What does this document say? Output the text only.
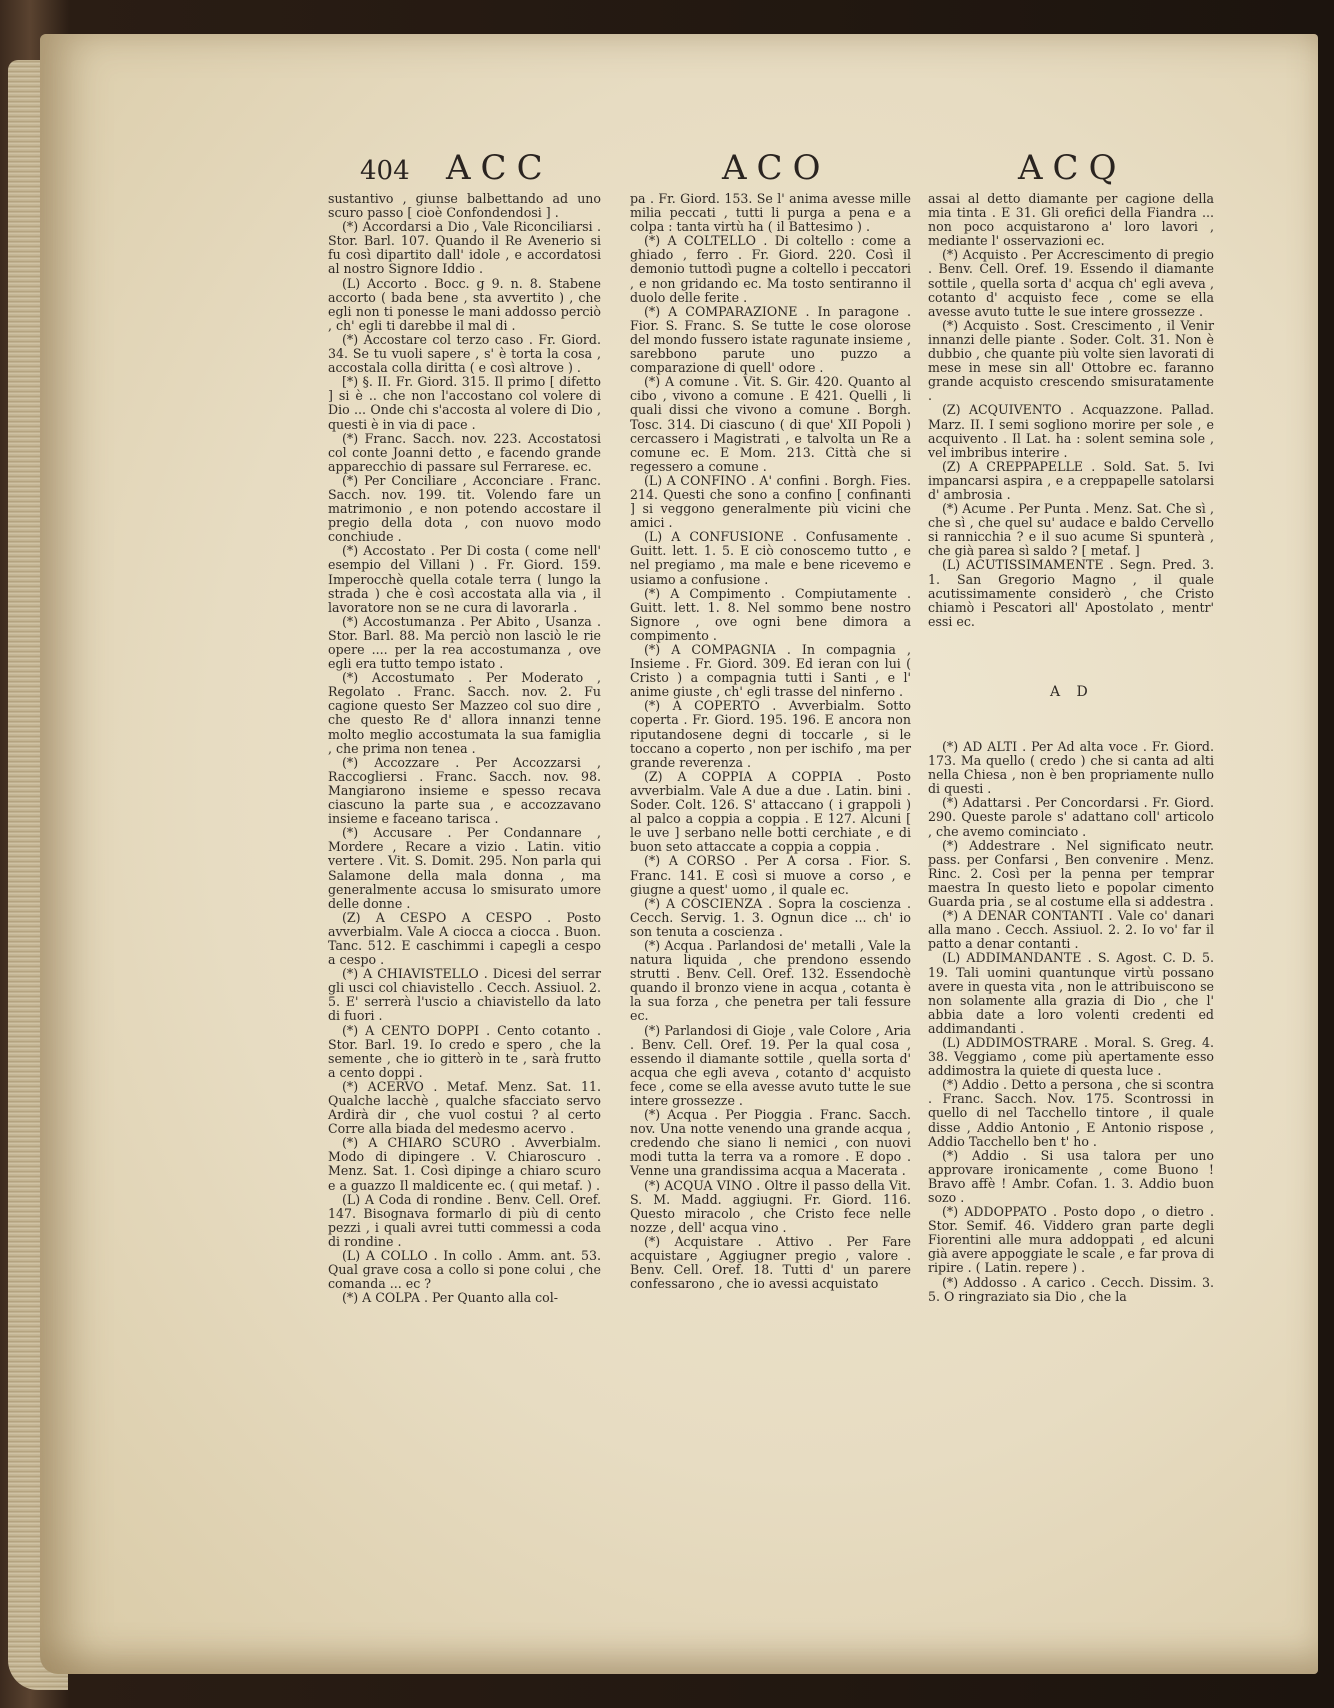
404 ACC	ACO	ACQ

sustantivo , giunse balbettando ad uno scuro passo [ cioè Confondendosi ] .

(*) Accordarsi a Dio , Vale Riconciliarsi . Stor. Barl. 107. Quando il Re Avenerio si fu così dipartito dall' idole , e accordatosi al nostro Signore Iddio .

(L) Accorto . Bocc. g 9. n. 8. Stabene accorto ( bada bene , sta avvertito ) , che egli non ti ponesse le mani addosso perciò , ch' egli ti darebbe il mal di .

(*) Accostare col terzo caso . Fr. Giord. 34. Se tu vuoli sapere , s' è torta la cosa , accostala colla diritta ( e così altrove ) .

[*) §. II. Fr. Giord. 315. Il primo [ difetto ] si è .. che non l'accostano col volere di Dio ... Onde chi s'accosta al volere di Dio , questi è in via di pace .

(*) Franc. Sacch. nov. 223. Accostatosi col conte Joanni detto , e facendo grande apparecchio di passare sul Ferrarese. ec.

(*) Per Conciliare , Acconciare . Franc. Sacch. nov. 199. tit. Volendo fare un matrimonio , e non potendo accostare il pregio della dota , con nuovo modo conchiude .

(*) Accostato . Per Di costa ( come nell' esempio del Villani ) . Fr. Giord. 159. Imperocchè quella cotale terra ( lungo la strada ) che è così accostata alla via , il lavoratore non se ne cura di lavorarla .

(*) Accostumanza . Per Abito , Usanza . Stor. Barl. 88. Ma perciò non lasciò le rie opere .... per la rea accostumanza , ove egli era tutto tempo istato .

(*) Accostumato . Per Moderato , Regolato . Franc. Sacch. nov. 2. Fu cagione questo Ser Mazzeo col suo dire , che questo Re d' allora innanzi tenne molto meglio accostumata la sua famiglia , che prima non tenea .

(*) Accozzare . Per Accozzarsi , Raccogliersi . Franc. Sacch. nov. 98. Mangiarono insieme e spesso recava ciascuno la parte sua , e accozzavano insieme e faceano tarisca .

(*) Accusare . Per Condannare , Mordere , Recare a vizio . Latin. vitio vertere . Vit. S. Domit. 295. Non parla qui Salamone della mala donna , ma generalmente accusa lo smisurato umore delle donne .

(Z) A CESPO A CESPO . Posto avverbialm. Vale A ciocca a ciocca . Buon. Tanc. 512. E caschimmi i capegli a cespo a cespo .

(*) A CHIAVISTELLO . Dicesi del serrar gli usci col chiavistello . Cecch. Assiuol. 2. 5. E' serrerà l'uscio a chiavistello da lato di fuori .

(*) A CENTO DOPPI . Cento cotanto . Stor. Barl. 19. Io credo e spero , che la semente , che io gitterò in te , sarà frutto a cento doppi .

(*) ACERVO . Metaf. Menz. Sat. 11. Qualche lacchè , qualche sfacciato servo Ardirà dir , che vuol costui ? al certo Corre alla biada del medesmo acervo .

(*) A CHIARO SCURO . Avverbialm. Modo di dipingere . V. Chiaroscuro . Menz. Sat. 1. Così dipinge a chiaro scuro e a guazzo Il maldicente ec. ( qui metaf. ) .

(L) A Coda di rondine . Benv. Cell. Oref. 147. Bisognava formarlo di più di cento pezzi , i quali avrei tutti commessi a coda di rondine .

(L) A COLLO . In collo . Amm. ant. 53. Qual grave cosa a collo si pone colui , che comanda ... ec ?

(*) A COLPA . Per Quanto alla col-

pa . Fr. Giord. 153. Se l' anima avesse mille milia peccati , tutti li purga a pena e a colpa : tanta virtù ha ( il Battesimo ) .

(*) A COLTELLO . Di coltello : come a ghiado , ferro . Fr. Giord. 220. Così il demonio tuttodì pugne a coltello i peccatori , e non gridando ec. Ma tosto sentiranno il duolo delle ferite .

(*) A COMPARAZIONE . In paragone . Fior. S. Franc. S. Se tutte le cose olorose del mondo fussero istate ragunate insieme , sarebbono parute uno puzzo a comparazione di quell' odore .

(*) A comune . Vit. S. Gir. 420. Quanto al cibo , vivono a comune . E 421. Quelli , li quali dissi che vivono a comune . Borgh. Tosc. 314. Di ciascuno ( di que' XII Popoli ) cercassero i Magistrati , e talvolta un Re a comune ec. E Mom. 213. Città che si regessero a comune .

(L) A CONFINO . A' confini . Borgh. Fies. 214. Questi che sono a confino [ confinanti ] si veggono generalmente più vicini che amici .

(L) A CONFUSIONE . Confusamente . Guitt. lett. 1. 5. E ciò conoscemo tutto , e nel pregiamo , ma male e bene ricevemo e usiamo a confusione .

(*) A Compimento . Compiutamente . Guitt. lett. 1. 8. Nel sommo bene nostro Signore , ove ogni bene dimora a compimento .

(*) A COMPAGNIA . In compagnia , Insieme . Fr. Giord. 309. Ed ieran con lui ( Cristo ) a compagnia tutti i Santi , e l' anime giuste , ch' egli trasse del ninferno .

(*) A COPERTO . Avverbialm. Sotto coperta . Fr. Giord. 195. 196. E ancora non riputandosene degni di toccarle , si le toccano a coperto , non per ischifo , ma per grande reverenza .

(Z) A COPPIA A COPPIA . Posto avverbialm. Vale A due a due . Latin. bini . Soder. Colt. 126. S' attaccano ( i grappoli ) al palco a coppia a coppia . E 127. Alcuni [ le uve ] serbano nelle botti cerchiate , e di buon seto attaccate a coppia a coppia .

(*) A CORSO . Per A corsa . Fior. S. Franc. 141. E così si muove a corso , e giugne a quest' uomo , il quale ec.

(*) A COSCIENZA . Sopra la coscienza . Cecch. Servig. 1. 3. Ognun dice ... ch' io son tenuta a coscienza .

(*) Acqua . Parlandosi de' metalli , Vale la natura liquida , che prendono essendo strutti . Benv. Cell. Oref. 132. Essendochè quando il bronzo viene in acqua , cotanta è la sua forza , che penetra per tali fessure ec.

(*) Parlandosi di Gioje , vale Colore , Aria . Benv. Cell. Oref. 19. Per la qual cosa , essendo il diamante sottile , quella sorta d' acqua che egli aveva , cotanto d' acquisto fece , come se ella avesse avuto tutte le sue intere grossezze .

(*) Acqua . Per Pioggia . Franc. Sacch. nov. Una notte venendo una grande acqua , credendo che siano li nemici , con nuovi modi tutta la terra va a romore . E dopo . Venne una grandissima acqua a Macerata .

(*) ACQUA VINO . Oltre il passo della Vit. S. M. Madd. aggiugni. Fr. Giord. 116. Questo miracolo , che Cristo fece nelle nozze , dell' acqua vino .

(*) Acquistare . Attivo . Per Fare acquistare , Aggiugner pregio , valore . Benv. Cell. Oref. 18. Tutti d' un parere confessarono , che io avessi acquistato

assai al detto diamante per cagione della mia tinta . E 31. Gli orefici della Fiandra ... non poco acquistarono a' loro lavori , mediante l' osservazioni ec.

(*) Acquisto . Per Accrescimento di pregio . Benv. Cell. Oref. 19. Essendo il diamante sottile , quella sorta d' acqua ch' egli aveva , cotanto d' acquisto fece , come se ella avesse avuto tutte le sue intere grossezze .

(*) Acquisto . Sost. Crescimento , il Venir innanzi delle piante . Soder. Colt. 31. Non è dubbio , che quante più volte sien lavorati di mese in mese sin all' Ottobre ec. faranno grande acquisto crescendo smisuratamente .

(Z) ACQUIVENTO . Acquazzone. Pallad. Marz. II. I semi sogliono morire per sole , e acquivento . Il Lat. ha : solent semina sole , vel imbribus interire .

(Z) A CREPPAPELLE . Sold. Sat. 5. Ivi impancarsi aspira , e a creppapelle satolarsi d' ambrosia .

(*) Acume . Per Punta . Menz. Sat. Che sì , che sì , che quel su' audace e baldo Cervello si rannicchia ? e il suo acume Si spunterà , che già parea sì saldo ? [ metaf. ]

(L) ACUTISSIMAMENTE . Segn. Pred. 3. 1. San Gregorio Magno , il quale acutissimamente considerò , che Cristo chiamò i Pescatori all' Apostolato , mentr' essi ec.

A D

(*) AD ALTI . Per Ad alta voce . Fr. Giord. 173. Ma quello ( credo ) che si canta ad alti nella Chiesa , non è ben propriamente nullo di questi .

(*) Adattarsi . Per Concordarsi . Fr. Giord. 290. Queste parole s' adattano coll' articolo , che avemo cominciato .

(*) Addestrare . Nel significato neutr. pass. per Confarsi , Ben convenire . Menz. Rinc. 2. Così per la penna per temprar maestra In questo lieto e popolar cimento Guarda pria , se al costume ella si addestra .

(*) A DENAR CONTANTI . Vale co' danari alla mano . Cecch. Assiuol. 2. 2. Io vo' far il patto a denar contanti .

(L) ADDIMANDANTE . S. Agost. C. D. 5. 19. Tali uomini quantunque virtù possano avere in questa vita , non le attribuiscono se non solamente alla grazia di Dio , che l' abbia date a loro volenti credenti ed addimandanti .

(L) ADDIMOSTRARE . Moral. S. Greg. 4. 38. Veggiamo , come più apertamente esso addimostra la quiete di questa luce .

(*) Addio . Detto a persona , che si scontra . Franc. Sacch. Nov. 175. Scontrossi in quello di nel Tacchello tintore , il quale disse , Addio Antonio , E Antonio rispose , Addio Tacchello ben t' ho .

(*) Addio . Si usa talora per uno approvare ironicamente , come Buono ! Bravo affè ! Ambr. Cofan. 1. 3. Addio buon sozo .

(*) ADDOPPATO . Posto dopo , o dietro . Stor. Semif. 46. Viddero gran parte degli Fiorentini alle mura addoppati , ed alcuni già avere appoggiate le scale , e far prova di ripire . ( Latin. repere ) .

(*) Addosso . A carico . Cecch. Dissim. 3. 5. O ringraziato sia Dio , che la
